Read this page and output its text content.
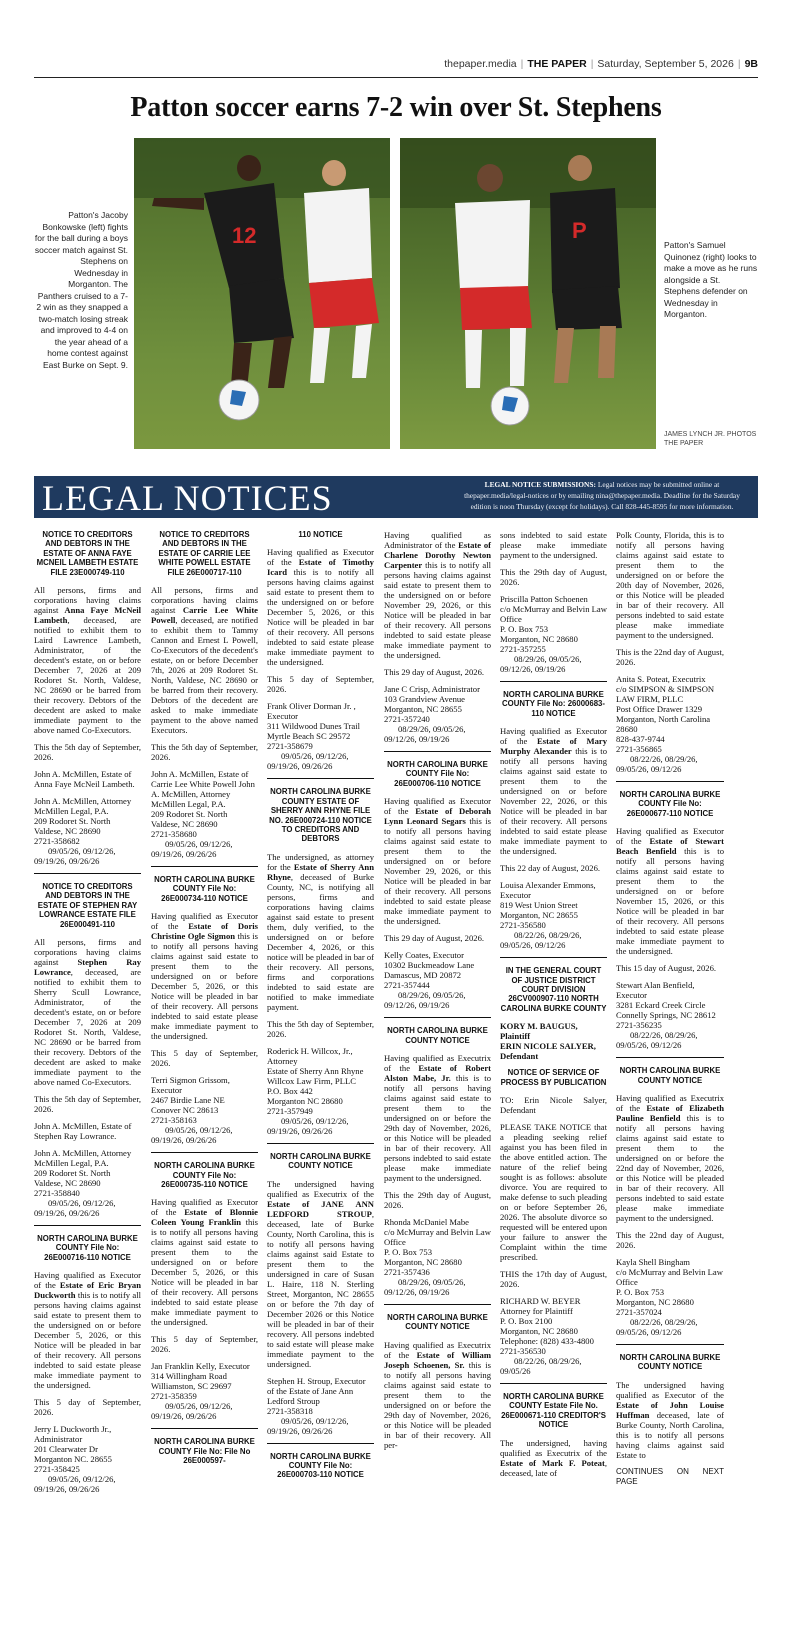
thepaper.media | THE PAPER | Saturday, September 5, 2026 | 9B
Patton soccer earns 7-2 win over St. Stephens
12	P
Patton's Jacoby Bonkowske (left) fights for the ball during a boys soccer match against St. Stephens on Wednesday in Morganton. The Panthers cruised to a 7-2 win as they snapped a two-match losing streak and improved to 4-4 on the year ahead of a home contest against East Burke on Sept. 9.
Patton's Samuel Quinonez (right) looks to make a move as he runs alongside a St. Stephens defender on Wednesday in Morganton.
JAMES LYNCH JR. PHOTOS THE PAPER
LEGAL NOTICES	LEGAL NOTICE SUBMISSIONS: Legal notices may be submitted online at thepaper.media/legal-notices or by emailing nina@thepaper.media. Deadline for the Saturday edition is noon Thursday (except for holidays). Call 828-445-8595 for more information.
NOTICE TO CREDITORS AND DEBTORS IN THE ESTATE OF ANNA FAYE MCNEIL LAMBETH ESTATE FILE 23E000749-110

All persons, firms and corporations having claims against Anna Faye McNeil Lambeth, deceased, are notified to exhibit them to Laird Lawrence Lambeth, Administrator, of the decedent's estate, on or before December 7, 2026 at 209 Rodoret St. North, Valdese, NC 28690 or be barred from their recovery. Debtors of the decedent are asked to make immediate payment to the above named Co-Executors.

This the 5th day of September, 2026.

John A. McMillen, Estate of Anna Faye McNeil Lambeth.

John A. McMillen, Attorney
McMillen Legal, P.A.
209 Rodoret St. North
Valdese, NC 28690
2721-358682
09/05/26, 09/12/26, 09/19/26, 09/26/26

NOTICE TO CREDITORS AND DEBTORS IN THE ESTATE OF STEPHEN RAY LOWRANCE ESTATE FILE 26E000491-110

All persons, firms and corporations having claims against Stephen Ray Lowrance, deceased, are notified to exhibit them to Sherry Scull Lowrance, Administrator, of the decedent's estate, on or before December 7, 2026 at 209 Rodoret St. North, Valdese, NC 28690 or be barred from their recovery. Debtors of the decedent are asked to make immediate payment to the above named Co-Executors.

This the 5th day of September, 2026.

John A. McMillen, Estate of Stephen Ray Lowrance.

John A. McMillen, Attorney
McMillen Legal, P.A.
209 Rodoret St. North
Valdese, NC 28690
2721-358840
09/05/26, 09/12/26, 09/19/26, 09/26/26

NORTH CAROLINA BURKE COUNTY File No: 26E000716-110 NOTICE

Having qualified as Executor of the Estate of Eric Bryan Duckworth this is to notify all persons having claims against said estate to present them to the undersigned on or before December 5, 2026, or this Notice will be pleaded in bar of their recovery. All persons indebted to said estate please make immediate payment to the undersigned.

This 5 day of September, 2026.

Jerry L Duckworth Jr., Administrator
201 Clearwater Dr
Morganton NC. 28655
2721-358425
09/05/26, 09/12/26, 09/19/26, 09/26/26

NOTICE TO CREDITORS AND DEBTORS IN THE ESTATE OF CARRIE LEE WHITE POWELL ESTATE FILE 26E000717-110

All persons, firms and corporations having claims against Carrie Lee White Powell, deceased, are notified to exhibit them to Tammy Cannon and Ernest L Powell, Co-Executors of the decedent's estate, on or before December 7th, 2026 at 209 Rodoret St. North, Valdese, NC 28690 or be barred from their recovery. Debtors of the decedent are asked to make immediate payment to the above named Executors.

This the 5th day of September, 2026.

John A. McMillen, Estate of Carrie Lee White Powell John A. McMillen, Attorney
McMillen Legal, P.A.
209 Rodoret St. North
Valdese, NC 28690
2721-358680
09/05/26, 09/12/26, 09/19/26, 09/26/26

NORTH CAROLINA BURKE COUNTY File No: 26E000734-110 NOTICE

Having qualified as Executor of the Estate of Doris Christine Ogle Sigmon this is to notify all persons having claims against said estate to present them to the undersigned on or before December 5, 2026, or this Notice will be pleaded in bar of their recovery. All persons indebted to said estate please make immediate payment to the undersigned.

This 5 day of September, 2026.

Terri Sigmon Grissom, Executor
2467 Birdie Lane NE
Conover NC 28613
2721-358163
09/05/26, 09/12/26, 09/19/26, 09/26/26

NORTH CAROLINA BURKE COUNTY File No: 26E000735-110 NOTICE

Having qualified as Executor of the Estate of Blonnie Coleen Young Franklin this is to notify all persons having claims against said estate to present them to the undersigned on or before December 5, 2026, or this Notice will be pleaded in bar of their recovery. All persons indebted to said estate please make immediate payment to the undersigned.

This 5 day of September, 2026.

Jan Franklin Kelly, Executor
314 Willingham Road
Williamston, SC 29697
2721-358359
09/05/26, 09/12/26, 09/19/26, 09/26/26

NORTH CAROLINA BURKE COUNTY File No: File No 26E000597-
110 NOTICE

Having qualified as Executor of the Estate of Timothy Icard this is to notify all persons having claims against said estate to present them to the undersigned on or before December 5, 2026, or this Notice will be pleaded in bar of their recovery. All persons indebted to said estate please make immediate payment to the undersigned.

This 5 day of September, 2026.

Frank Oliver Dorman Jr. , Executor
311 Wildwood Dunes Trail
Myrtle Beach SC 29572
2721-358679
09/05/26, 09/12/26, 09/19/26, 09/26/26

NORTH CAROLINA BURKE COUNTY ESTATE OF SHERRY ANN RHYNE FILE NO. 26E000724-110 NOTICE TO CREDITORS AND DEBTORS

The undersigned, as attorney for the Estate of Sherry Ann Rhyne, deceased of Burke County, NC, is notifying all persons, firms and corporations having claims against said estate to present them, duly verified, to the undersigned on or before December 4, 2026, or this notice will be pleaded in bar of their recovery. All persons, firms and corporations indebted to said estate are notified to make immediate payment.

This the 5th day of September, 2026.

Roderick H. Willcox, Jr., Attorney
Estate of Sherry Ann Rhyne
Willcox Law Firm, PLLC
P.O. Box 442
Morganton NC 28680
2721-357949
09/05/26, 09/12/26, 09/19/26, 09/26/26

NORTH CAROLINA BURKE COUNTY NOTICE

The undersigned having qualified as Executrix of the Estate of JANE ANN LEDFORD STROUP, deceased, late of Burke County, North Carolina, this is to notify all persons having claims against said Estate to present them to the undersigned in care of Susan L. Haire, 118 N. Sterling Street, Morganton, NC 28655 on or before the 7th day of December 2026 or this Notice will be pleaded in bar of their recovery. All persons indebted to said estate will please make immediate payment to the undersigned.

Stephen H. Stroup, Executor of the Estate of Jane Ann Ledford Stroup
2721-358318
09/05/26, 09/12/26, 09/19/26, 09/26/26

NORTH CAROLINA BURKE COUNTY File No: 26E000703-110 NOTICE

Having qualified as Administrator of the Estate of Charlene Dorothy Newton Carpenter this is to notify all persons having claims against said estate to present them to the undersigned on or before November 29, 2026, or this Notice will be pleaded in bar of their recovery. All persons indebted to said estate please make immediate payment to the undersigned.

This 29 day of August, 2026.

Jane C Crisp, Administrator
103 Grandview Avenue
Morganton, NC 28655
2721-357240
08/29/26, 09/05/26, 09/12/26, 09/19/26

NORTH CAROLINA BURKE COUNTY File No: 26E000706-110 NOTICE

Having qualified as Executor of the Estate of Deborah Lynn Leonard Segars this is to notify all persons having claims against said estate to present them to the undersigned on or before November 29, 2026, or this Notice will be pleaded in bar of their recovery. All persons indebted to said estate please make immediate payment to the undersigned.

This 29 day of August, 2026.

Kelly Coates, Executor
10302 Buckmeadow Lane
Damascus, MD 20872
2721-357444
08/29/26, 09/05/26, 09/12/26, 09/19/26

NORTH CAROLINA BURKE COUNTY NOTICE

Having qualified as Executrix of the Estate of Robert Alston Mabe, Jr. this is to notify all persons having claims against said estate to present them to the undersigned on or before the 29th day of November, 2026, or this Notice will be pleaded in bar of their recovery. All persons indebted to said estate please make immediate payment to the undersigned.

This the 29th day of August, 2026.

Rhonda McDaniel Mabe
c/o McMurray and Belvin Law Office
P. O. Box 753
Morganton, NC 28680
2721-357436
08/29/26, 09/05/26, 09/12/26, 09/19/26

NORTH CAROLINA BURKE COUNTY NOTICE

Having qualified as Executrix of the Estate of William Joseph Schoenen, Sr. this is to notify all persons having claims against said estate to present them to the undersigned on or before the 29th day of November, 2026, or this Notice will be pleaded in bar of their recovery. All per-

sons indebted to said estate please make immediate payment to the undersigned.

This the 29th day of August, 2026.

Priscilla Patton Schoenen
c/o McMurray and Belvin Law Office
P. O. Box 753
Morganton, NC 28680
2721-357255
08/29/26, 09/05/26, 09/12/26, 09/19/26

NORTH CAROLINA BURKE COUNTY File No: 26000683-110 NOTICE

Having qualified as Executor of the Estate of Mary Murphy Alexander this is to notify all persons having claims against said estate to present them to the undersigned on or before November 22, 2026, or this Notice will be pleaded in bar of their recovery. All persons indebted to said estate please make immediate payment to the undersigned.

This 22 day of August, 2026.

Louisa Alexander Emmons, Executor
819 West Union Street
Morganton, NC 28655
2721-356580
08/22/26, 08/29/26, 09/05/26, 09/12/26

IN THE GENERAL COURT OF JUSTICE DISTRICT COURT DIVISION 26CV000907-110 NORTH CAROLINA BURKE COUNTY

KORY M. BAUGUS, Plaintiff
ERIN NICOLE SALYER, Defendant

NOTICE OF SERVICE OF PROCESS BY PUBLICATION

TO: Erin Nicole Salyer, Defendant

PLEASE TAKE NOTICE that a pleading seeking relief against you has been filed in the above entitled action. The nature of the relief being sought is as follows: absolute divorce. You are required to make defense to such pleading on or before September 26, 2026. The absolute divorce so requested will be entered upon your failure to answer the Complaint within the time prescribed.

THIS the 17th day of August, 2026.

RICHARD W. BEYER
Attorney for Plaintiff
P. O. Box 2100
Morganton, NC 28680
Telephone: (828) 433-4800
2721-356530
08/22/26, 08/29/26, 09/05/26

NORTH CAROLINA BURKE COUNTY Estate File No. 26E000671-110 CREDITOR'S NOTICE

The undersigned, having qualified as Executrix of the Estate of Mark F. Poteat, deceased, late of

Polk County, Florida, this is to notify all persons having claims against said estate to present them to the undersigned on or before the 20th day of November, 2026, or this Notice will be pleaded in bar of their recovery. All persons indebted to said estate please make immediate payment to the undersigned.

This is the 22nd day of August, 2026.

Anita S. Poteat, Executrix
c/o SIMPSON & SIMPSON LAW FIRM, PLLC
Post Office Drawer 1329
Morganton, North Carolina 28680
828-437-9744
2721-356865
08/22/26, 08/29/26, 09/05/26, 09/12/26

NORTH CAROLINA BURKE COUNTY File No: 26E000677-110 NOTICE

Having qualified as Executor of the Estate of Stewart Beach Benfield this is to notify all persons having claims against said estate to present them to the undersigned on or before November 15, 2026, or this Notice will be pleaded in bar of their recovery. All persons indebted to said estate please make immediate payment to the undersigned.

This 15 day of August, 2026.

Stewart Alan Benfield, Executor
3281 Eckard Creek Circle
Connelly Springs, NC 28612
2721-356235
08/22/26, 08/29/26, 09/05/26, 09/12/26

NORTH CAROLINA BURKE COUNTY NOTICE

Having qualified as Executrix of the Estate of Elizabeth Pauline Benfield this is to notify all persons having claims against said estate to present them to the undersigned on or before the 22nd day of November, 2026, or this Notice will be pleaded in bar of their recovery. All persons indebted to said estate please make immediate payment to the undersigned.

This the 22nd day of August, 2026.

Kayla Shell Bingham
c/o McMurray and Belvin Law Office
P. O. Box 753
Morganton, NC 28680
2721-357024
08/22/26, 08/29/26, 09/05/26, 09/12/26

NORTH CAROLINA BURKE COUNTY NOTICE

The undersigned having qualified as Executor of the Estate of John Louise Huffman deceased, late of Burke County, North Carolina, this is to notify all persons having claims against said Estate to

CONTINUES ON NEXT PAGE
